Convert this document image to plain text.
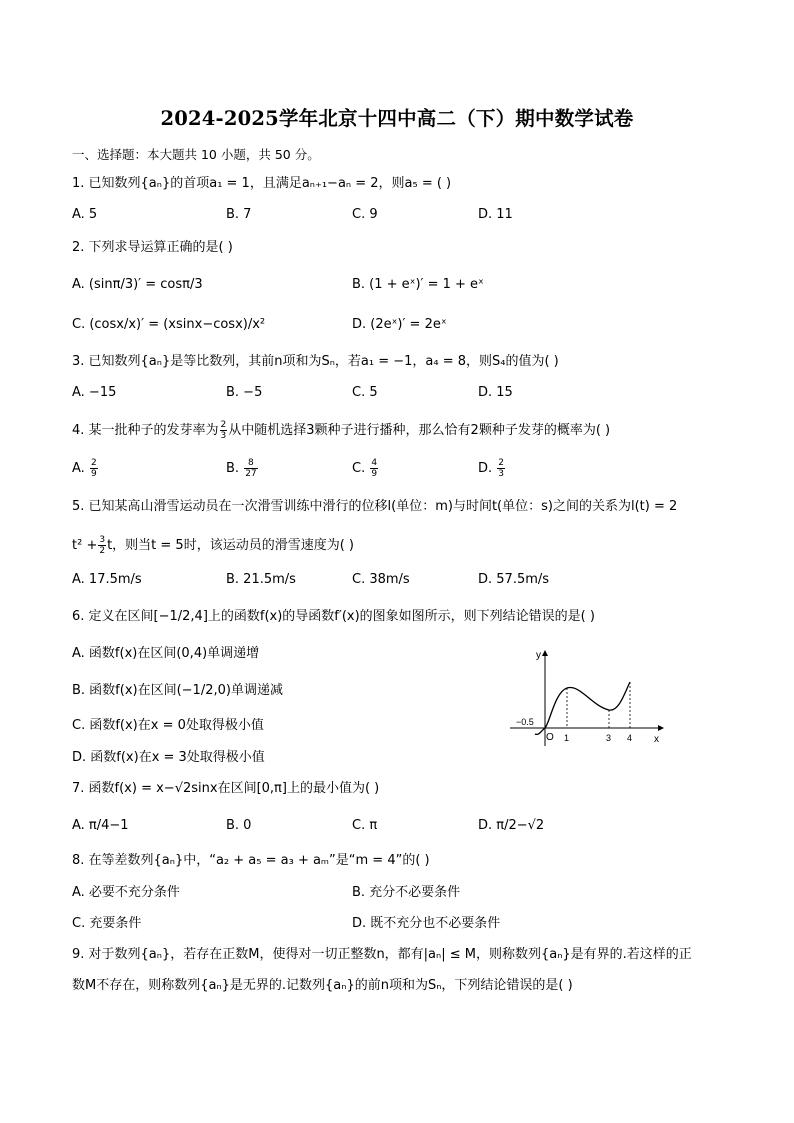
2024-2025学年北京十四中高二（下）期中数学试卷
一、选择题：本大题共 10 小题，共 50 分。
1. 已知数列{aₙ}的首项a₁ = 1，且满足aₙ₊₁−aₙ = 2，则a₅ = ( )
A. 5	B. 7	C. 9	D. 11
2. 下列求导运算正确的是( )
A. (sinπ/3)′ = cosπ/3	B. (1 + eˣ)′ = 1 + eˣ
C. (cosx/x)′ = (xsinx−cosx)/x²	D. (2eˣ)′ = 2eˣ
3. 已知数列{aₙ}是等比数列，其前n项和为Sₙ，若a₁ = −1，a₄ = 8，则S₄的值为( )
A. −15	B. −5	C. 5	D. 15
4. 某一批种子的发芽率为 $\frac{2}{3}$ 从中随机选择3颗种子进行播种，那么恰有2颗种子发芽的概率为( )
A. $\frac{2}{9}$	B. $\frac{8}{27}$	C. $\frac{4}{9}$	D. $\frac{2}{3}$
5. 已知某高山滑雪运动员在一次滑雪训练中滑行的位移l(单位：m)与时间t(单位：s)之间的关系为l(t) = 2
$t^2 + \frac{3}{2}$ t，则当t = 5时，该运动员的滑雪速度为( )
A. 17.5m/s	B. 21.5m/s	C. 38m/s	D. 57.5m/s
6. 定义在区间[−1/2,4]上的函数f(x)的导函数f′(x)的图象如图所示，则下列结论错误的是( )
A. 函数f(x)在区间(0,4)单调递增
B. 函数f(x)在区间(−1/2,0)单调递减
C. 函数f(x)在x = 0处取得极小值
D. 函数f(x)在x = 3处取得极小值
y
x
O
−0.5
1	3 4
7. 函数f(x) = x−√2sinx在区间[0,π]上的最小值为( )
A. π/4−1	B. 0	C. π	D. π/2−√2
8. 在等差数列{aₙ}中，“a₂ + a₅ = a₃ + aₘ”是“m = 4”的( )
A. 必要不充分条件	B. 充分不必要条件
C. 充要条件	D. 既不充分也不必要条件
9. 对于数列{aₙ}，若存在正数M，使得对一切正整数n，都有|aₙ| ≤ M，则称数列{aₙ}是有界的.若这样的正
数M不存在，则称数列{aₙ}是无界的.记数列{aₙ}的前n项和为Sₙ，下列结论错误的是( )
